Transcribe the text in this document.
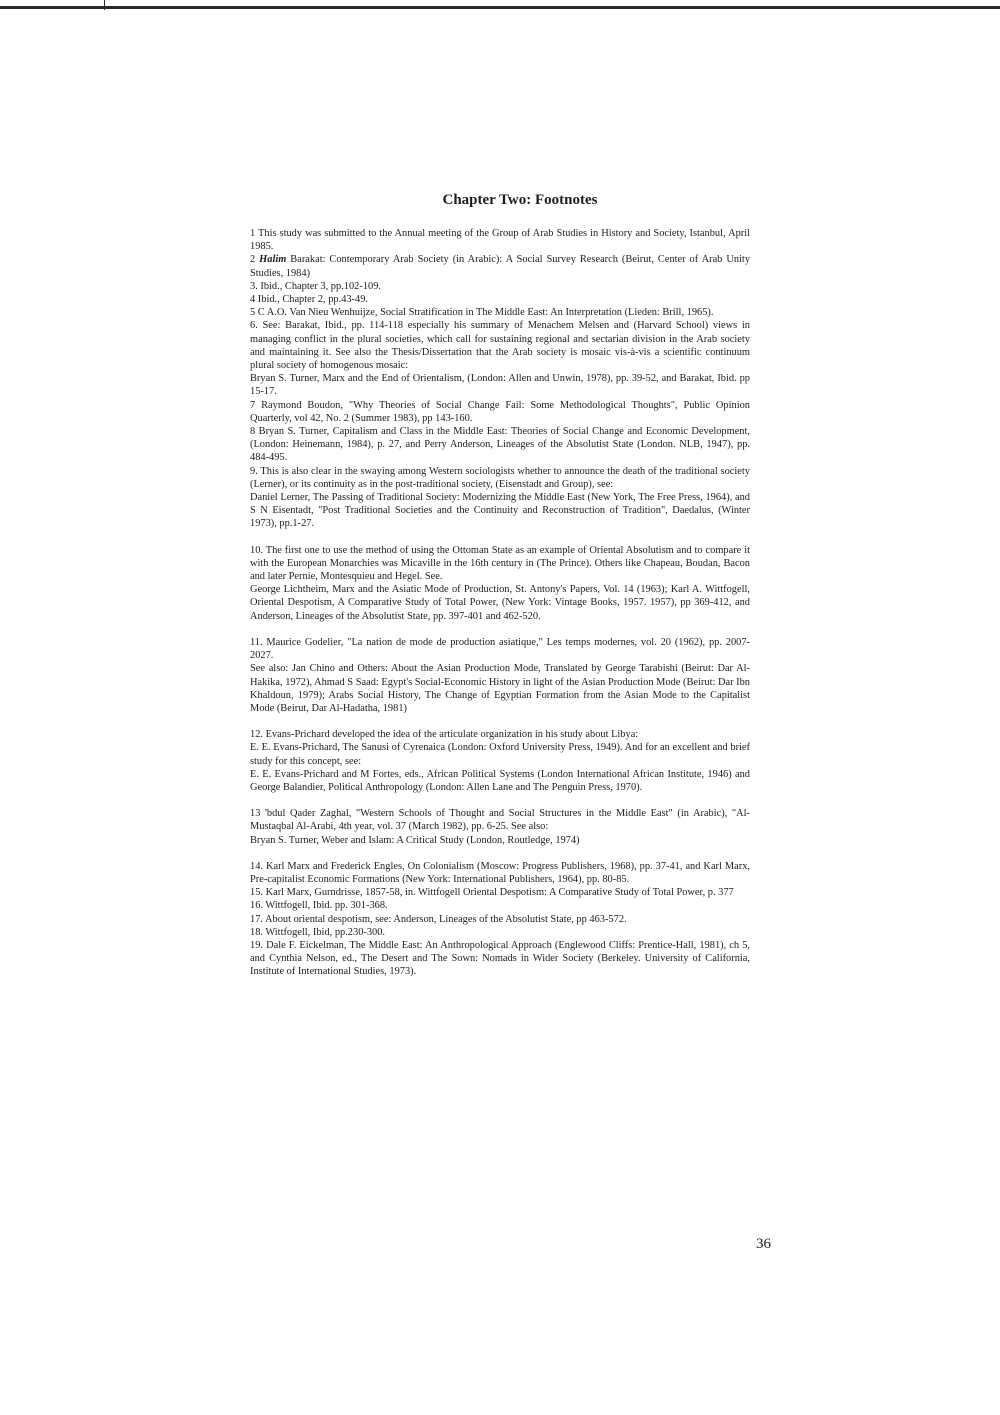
Chapter Two: Footnotes

1 This study was submitted to the Annual meeting of the Group of Arab Studies in History and Society, Istanbul, April 1985.

2 Halim Barakat: Contemporary Arab Society (in Arabic): A Social Survey Research (Beirut, Center of Arab Unity Studies, 1984)

3. Ibid., Chapter 3, pp.102-109.

4 Ibid., Chapter 2, pp.43-49.

5 C A.O. Van Nieu Wenhuijze, Social Stratification in The Middle East: An Interpretation (Lieden: Brill, 1965).

6. See: Barakat, Ibid., pp. 114-118 especially his summary of Menachem Melsen and (Harvard School) views in managing conflict in the plural societies, which call for sustaining regional and sectarian division in the Arab society and maintaining it. See also the Thesis/Dissertation that the Arab society is mosaic vis-à-vis a scientific continuum plural society of homogenous mosaic:

Bryan S. Turner, Marx and the End of Orientalism, (London: Allen and Unwin, 1978), pp. 39-52, and Barakat, Ibid. pp 15-17.

7 Raymond Boudon, "Why Theories of Social Change Fail: Some Methodological Thoughts", Public Opinion Quarterly, vol 42, No. 2 (Summer 1983), pp 143-160.

8 Bryan S. Turner, Capitalism and Class in the Middle East: Theories of Social Change and Economic Development, (London: Heinemann, 1984), p. 27, and Perry Anderson, Lineages of the Absolutist State (London. NLB, 1947), pp. 484-495.

9. This is also clear in the swaying among Western sociologists whether to announce the death of the traditional society (Lerner), or its continuity as in the post-traditional society, (Eisenstadt and Group), see:

Daniel Lerner, The Passing of Traditional Society: Modernizing the Middle East (New York, The Free Press, 1964), and S N Eisentadt, "Post Traditional Societies and the Continuity and Reconstruction of Tradition", Daedalus, (Winter 1973), pp.1-27.

10. The first one to use the method of using the Ottoman State as an example of Oriental Absolutism and to compare it with the European Monarchies was Micaville in the 16th century in (The Prince). Others like Chapeau, Boudan, Bacon and later Pernie, Montesquieu and Hegel. See.

George Lichtheim, Marx and the Asiatic Mode of Production, St. Antony's Papers, Vol. 14 (1963); Karl A. Wittfogell, Oriental Despotism, A Comparative Study of Total Power, (New York: Vintage Books, 1957. 1957), pp 369-412, and Anderson, Lineages of the Absolutist State, pp. 397-401 and 462-520.

11. Maurice Godelier, "La nation de mode de production asiatique," Les temps modernes, vol. 20 (1962), pp. 2007-2027.

See also: Jan Chino and Others: About the Asian Production Mode, Translated by George Tarabishi (Beirut: Dar Al-Hakika, 1972), Ahmad S Saad: Egypt's Social-Economic History in light of the Asian Production Mode (Beirut: Dar Ibn Khaldoun, 1979); Arabs Social History, The Change of Egyptian Formation from the Asian Mode to the Capitalist Mode (Beirut, Dar Al-Hadatha, 1981)

12. Evans-Prichard developed the idea of the articulate organization in his study about Libya:

E. E. Evans-Prichard, The Sanusi of Cyrenaica (London: Oxford University Press, 1949). And for an excellent and brief study for this concept, see:

E. E. Evans-Prichard and M Fortes, eds., African Political Systems (London International African Institute, 1946) and George Balandier, Political Anthropology (London: Allen Lane and The Penguin Press, 1970).

13 'bdul Qader Zaghal, "Western Schools of Thought and Social Structures in the Middle East" (in Arabic), "Al-Mustaqbal Al-Arabi, 4th year, vol. 37 (March 1982), pp. 6-25. See also:

Bryan S. Turner, Weber and Islam: A Critical Study (London, Routledge, 1974)

14. Karl Marx and Frederick Engles, On Colonialism (Moscow: Progress Publishers, 1968), pp. 37-41, and Karl Marx, Pre-capitalist Economic Formations (New York: International Publishers, 1964), pp. 80-85.

15. Karl Marx, Gurndrisse, 1857-58, in. Wittfogell Oriental Despotism: A Comparative Study of Total Power, p. 377

16. Wittfogell, Ibid. pp. 301-368.

17. About oriental despotism, see: Anderson, Lineages of the Absolutist State, pp 463-572.

18. Wittfogell, Ibid, pp.230-300.

19. Dale F. Eickelman, The Middle East: An Anthropological Approach (Englewood Cliffs: Prentice-Hall, 1981), ch 5, and Cynthia Nelson, ed., The Desert and The Sown: Nomads in Wider Society (Berkeley. University of California, Institute of International Studies, 1973).

36
